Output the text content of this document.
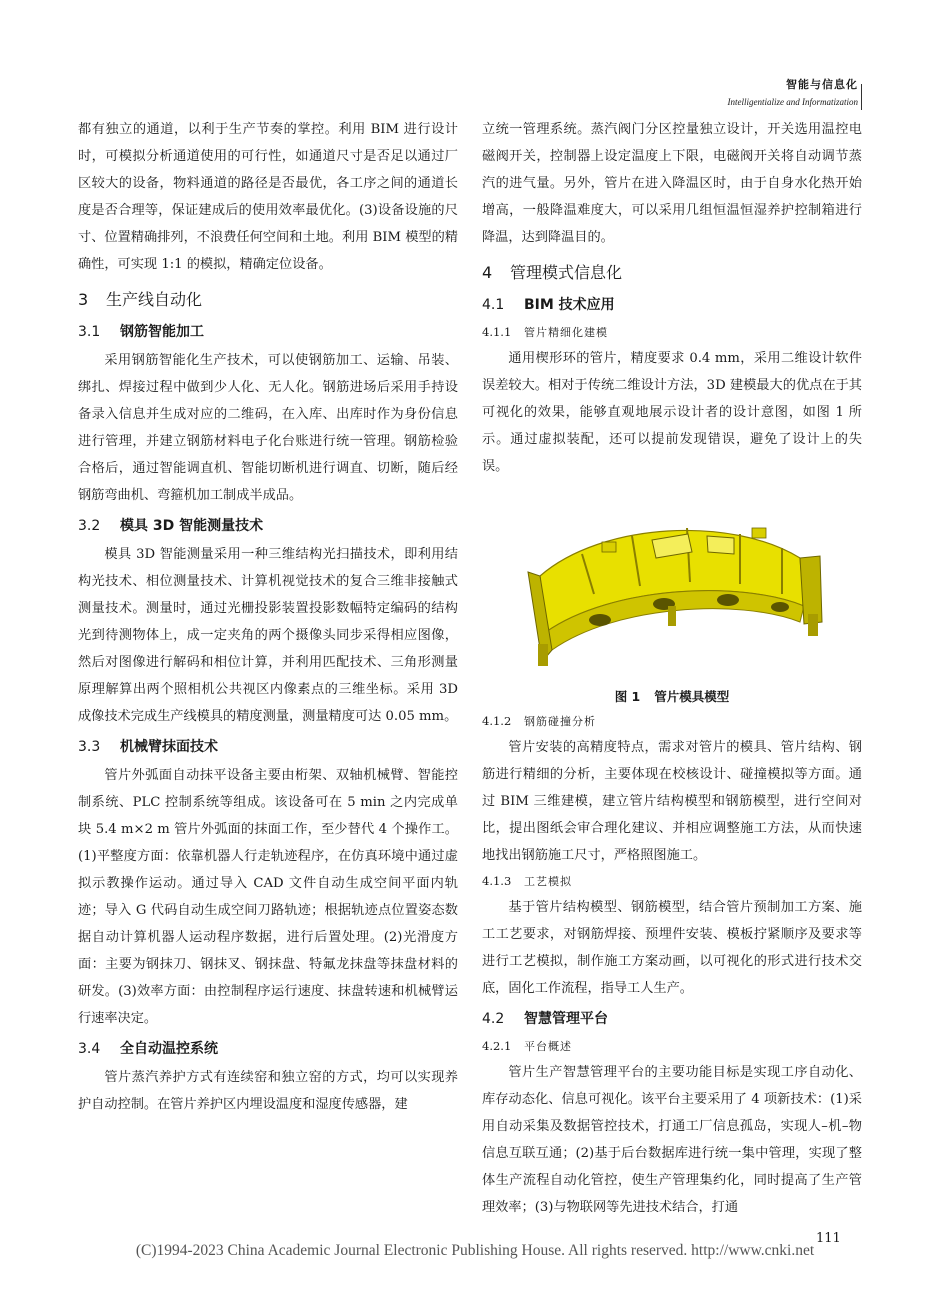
智能与信息化
Intelligentialize and Informatization

都有独立的通道，以利于生产节奏的掌控。利用 BIM 进行设计时，可模拟分析通道使用的可行性，如通道尺寸是否足以通过厂区较大的设备，物料通道的路径是否最优，各工序之间的通道长度是否合理等，保证建成后的使用效率最优化。(3)设备设施的尺寸、位置精确排列，不浪费任何空间和土地。利用 BIM 模型的精确性，可实现 1:1 的模拟，精确定位设备。

3 生产线自动化
3.1 钢筋智能加工

采用钢筋智能化生产技术，可以使钢筋加工、运输、吊装、绑扎、焊接过程中做到少人化、无人化。钢筋进场后采用手持设备录入信息并生成对应的二维码，在入库、出库时作为身份信息进行管理，并建立钢筋材料电子化台账进行统一管理。钢筋检验合格后，通过智能调直机、智能切断机进行调直、切断，随后经钢筋弯曲机、弯箍机加工制成半成品。

3.2 模具 3D 智能测量技术

模具 3D 智能测量采用一种三维结构光扫描技术，即利用结构光技术、相位测量技术、计算机视觉技术的复合三维非接触式测量技术。测量时，通过光栅投影装置投影数幅特定编码的结构光到待测物体上，成一定夹角的两个摄像头同步采得相应图像，然后对图像进行解码和相位计算，并利用匹配技术、三角形测量原理解算出两个照相机公共视区内像素点的三维坐标。采用 3D 成像技术完成生产线模具的精度测量，测量精度可达 0.05 mm。

3.3 机械臂抹面技术

管片外弧面自动抹平设备主要由桁架、双轴机械臂、智能控制系统、PLC 控制系统等组成。该设备可在 5 min 之内完成单块 5.4 m×2 m 管片外弧面的抹面工作，至少替代 4 个操作工。(1)平整度方面：依靠机器人行走轨迹程序，在仿真环境中通过虚拟示教操作运动。通过导入 CAD 文件自动生成空间平面内轨迹；导入 G 代码自动生成空间刀路轨迹；根据轨迹点位置姿态数据自动计算机器人运动程序数据，进行后置处理。(2)光滑度方面：主要为钢抹刀、钢抹叉、钢抹盘、特氟龙抹盘等抹盘材料的研发。(3)效率方面：由控制程序运行速度、抹盘转速和机械臂运行速率决定。

3.4 全自动温控系统

管片蒸汽养护方式有连续窑和独立窑的方式，均可以实现养护自动控制。在管片养护区内埋设温度和湿度传感器，建

立统一管理系统。蒸汽阀门分区控量独立设计，开关选用温控电磁阀开关，控制器上设定温度上下限，电磁阀开关将自动调节蒸汽的进气量。另外，管片在进入降温区时，由于自身水化热开始增高，一般降温难度大，可以采用几组恒温恒湿养护控制箱进行降温，达到降温目的。

4 管理模式信息化
4.1 BIM 技术应用
4.1.1 管片精细化建模

通用楔形环的管片，精度要求 0.4 mm，采用二维设计软件误差较大。相对于传统二维设计方法，3D 建模最大的优点在于其可视化的效果，能够直观地展示设计者的设计意图，如图 1 所示。通过虚拟装配，还可以提前发现错误，避免了设计上的失误。

图 1 管片模具模型
4.1.2 钢筋碰撞分析

管片安装的高精度特点，需求对管片的模具、管片结构、钢筋进行精细的分析，主要体现在校核设计、碰撞模拟等方面。通过 BIM 三维建模，建立管片结构模型和钢筋模型，进行空间对比，提出图纸会审合理化建议、并相应调整施工方法，从而快速地找出钢筋施工尺寸，严格照图施工。

4.1.3 工艺模拟

基于管片结构模型、钢筋模型，结合管片预制加工方案、施工工艺要求，对钢筋焊接、预埋件安装、模板拧紧顺序及要求等进行工艺模拟，制作施工方案动画，以可视化的形式进行技术交底，固化工作流程，指导工人生产。

4.2 智慧管理平台
4.2.1 平台概述

管片生产智慧管理平台的主要功能目标是实现工序自动化、库存动态化、信息可视化。该平台主要采用了 4 项新技术：(1)采用自动采集及数据管控技术，打通工厂信息孤岛，实现人–机–物信息互联互通；(2)基于后台数据库进行统一集中管理，实现了整体生产流程自动化管控，使生产管理集约化，同时提高了生产管理效率；(3)与物联网等先进技术结合，打通

111
(C)1994-2023 China Academic Journal Electronic Publishing House. All rights reserved. http://www.cnki.net
